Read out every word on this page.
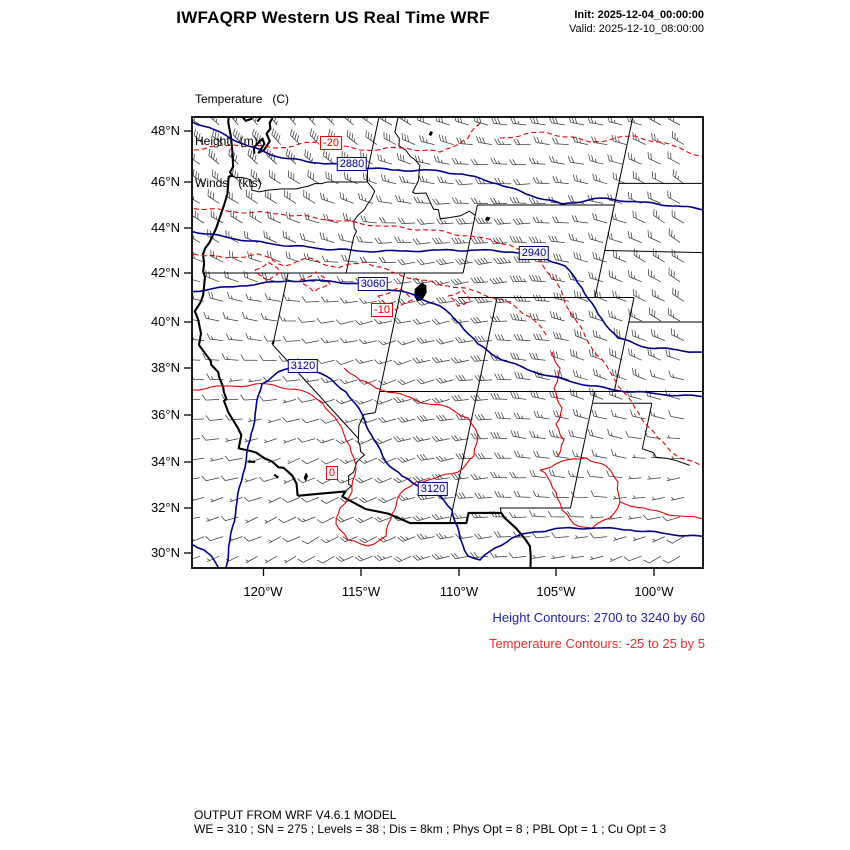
IWFAQRP Western US Real Time WRF	Init: 2025-12-04_00:00:00
Valid: 2025-12-10_08:00:00

Temperature   (C)

Height   (m)

Winds   (kts)

48°N
46°N
44°N
42°N
40°N
38°N
36°N
34°N
32°N
30°N
120°W	115°W	110°W	105°W	100°W
2880
2940
3060
3120
3120
-20
-10
0
Height Contours: 2700 to 3240 by 60
Temperature Contours: -25 to 25 by 5
OUTPUT FROM WRF V4.6.1 MODEL
WE = 310 ; SN = 275 ; Levels = 38 ; Dis = 8km ; Phys Opt = 8 ; PBL Opt = 1 ; Cu Opt = 3
